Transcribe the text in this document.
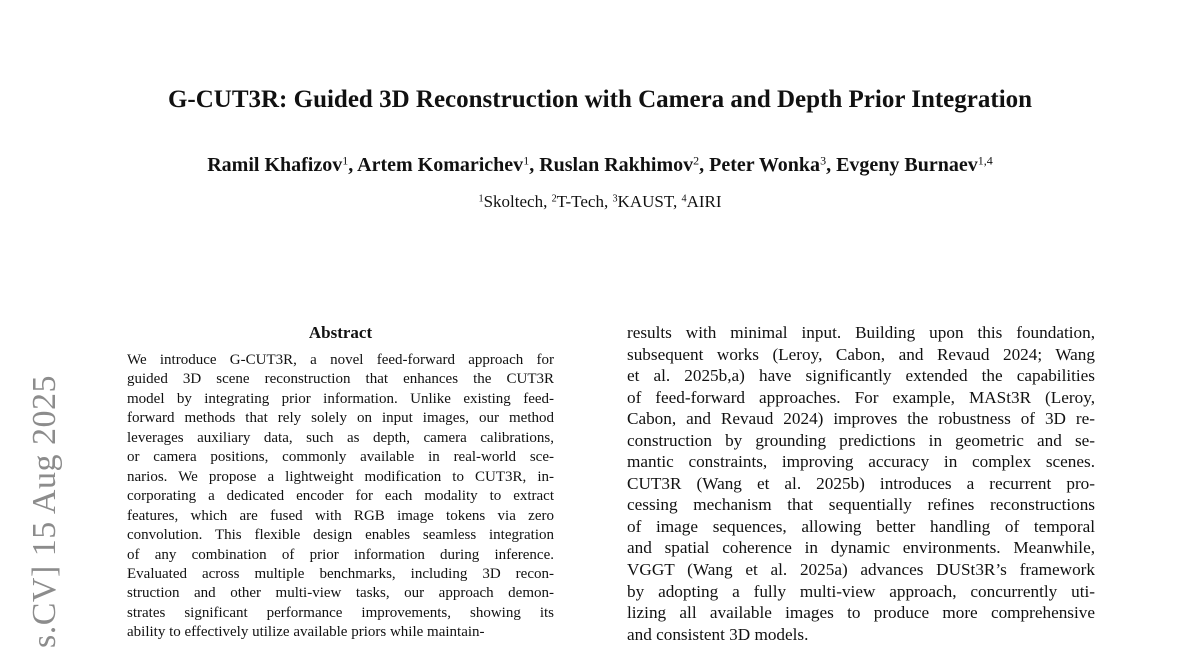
s.CV] 15 Aug 2025
G-CUT3R: Guided 3D Reconstruction with Camera and Depth Prior Integration
Ramil Khafizov$^1$, Artem Komarichev$^1$, Ruslan Rakhimov$^2$, Peter Wonka$^3$, Evgeny Burnaev$^{1,4}$
$^1$Skoltech, $^2$T-Tech, $^3$KAUST, $^4$AIRI
Abstract
We introduce G-CUT3R, a novel feed-forward approach for
guided 3D scene reconstruction that enhances the CUT3R
model by integrating prior information. Unlike existing feed-
forward methods that rely solely on input images, our method
leverages auxiliary data, such as depth, camera calibrations,
or camera positions, commonly available in real-world sce-
narios. We propose a lightweight modification to CUT3R, in-
corporating a dedicated encoder for each modality to extract
features, which are fused with RGB image tokens via zero
convolution. This flexible design enables seamless integration
of any combination of prior information during inference.
Evaluated across multiple benchmarks, including 3D recon-
struction and other multi-view tasks, our approach demon-
strates significant performance improvements, showing its
ability to effectively utilize available priors while maintain-
results with minimal input. Building upon this foundation,
subsequent works (Leroy, Cabon, and Revaud 2024; Wang
et al. 2025b,a) have significantly extended the capabilities
of feed-forward approaches. For example, MASt3R (Leroy,
Cabon, and Revaud 2024) improves the robustness of 3D re-
construction by grounding predictions in geometric and se-
mantic constraints, improving accuracy in complex scenes.
CUT3R (Wang et al. 2025b) introduces a recurrent pro-
cessing mechanism that sequentially refines reconstructions
of image sequences, allowing better handling of temporal
and spatial coherence in dynamic environments. Meanwhile,
VGGT (Wang et al. 2025a) advances DUSt3R’s framework
by adopting a fully multi-view approach, concurrently uti-
lizing all available images to produce more comprehensive
and consistent 3D models.
